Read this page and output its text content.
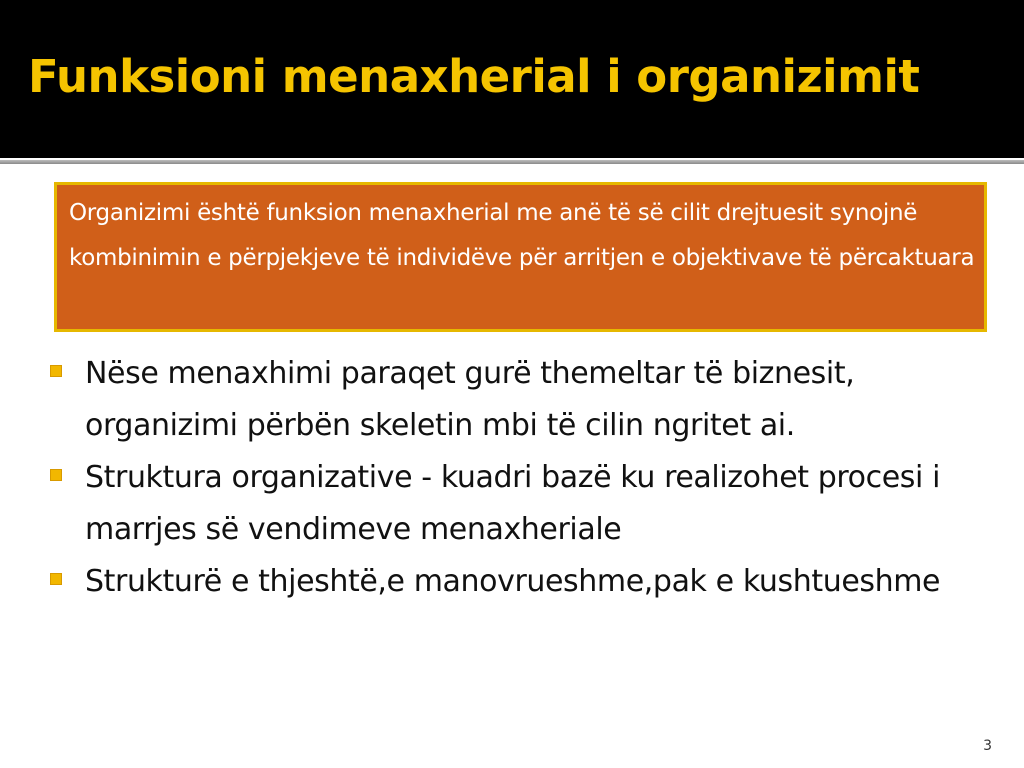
Funksioni menaxherial i organizimit

Organizimi është funksion menaxherial me anë të së cilit drejtuesit synojnë kombinimin e përpjekjeve të individëve për arritjen e objektivave të përcaktuara

Nëse menaxhimi paraqet gurë themeltar të biznesit, organizimi përbën skeletin mbi të cilin ngritet ai.
Struktura organizative - kuadri bazë ku realizohet procesi i marrjes së vendimeve menaxheriale
Strukturë e thjeshtë,e manovrueshme,pak e kushtueshme
3
